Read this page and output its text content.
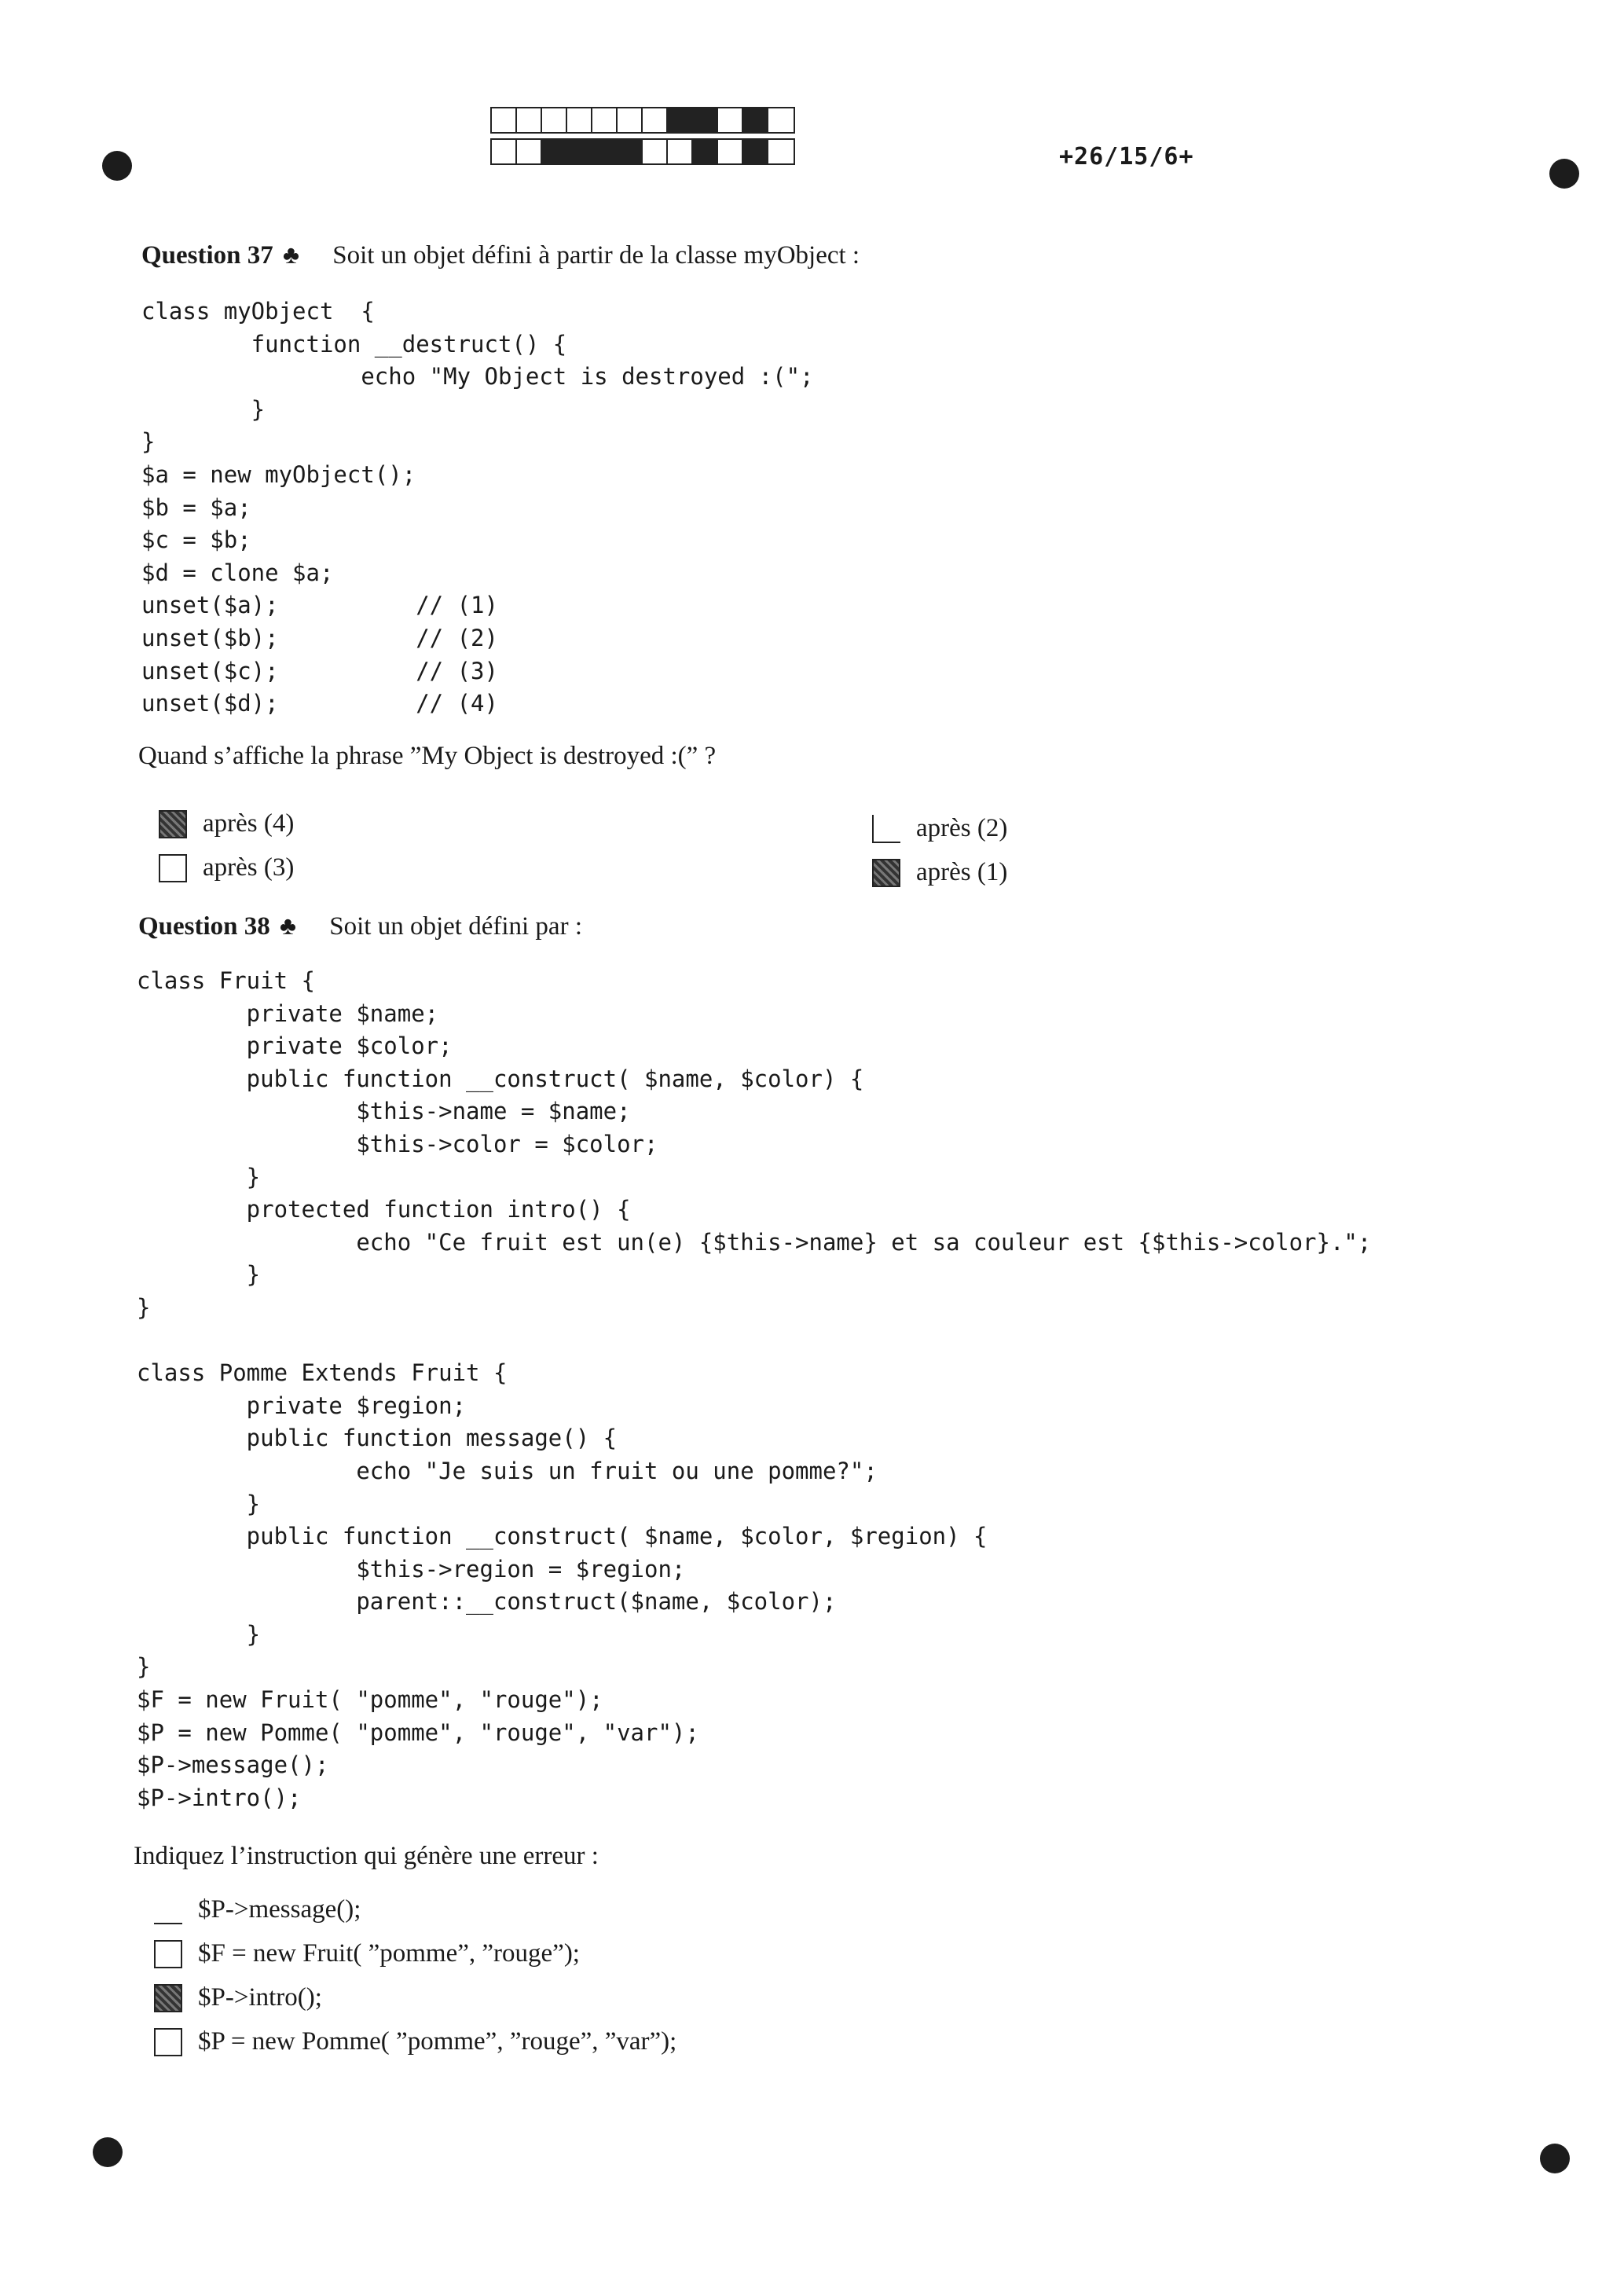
+26/15/6+
Question 37 ♣ Soit un objet défini à partir de la classe myObject :
class myObject  {
function __destruct() {
echo "My Object is destroyed :(";
}
}
$a = new myObject();
$b = $a;
$c = $b;
$d = clone $a;
unset($a);          // (1)
unset($b);          // (2)
unset($c);          // (3)
unset($d);          // (4)
Quand s’affiche la phrase ”My Object is destroyed :(” ?
après (4)
après (3)
après (2)
après (1)
Question 38 ♣ Soit un objet défini par :
class Fruit {
private $name;
private $color;
public function __construct( $name, $color) {
$this->name = $name;
$this->color = $color;
}
protected function intro() {
echo "Ce fruit est un(e) {$this->name} et sa couleur est {$this->color}.";
}
}

class Pomme Extends Fruit {
private $region;
public function message() {
echo "Je suis un fruit ou une pomme?";
}
public function __construct( $name, $color, $region) {
$this->region = $region;
parent::__construct($name, $color);
}
}
$F = new Fruit( "pomme", "rouge");
$P = new Pomme( "pomme", "rouge", "var");
$P->message();
$P->intro();
Indiquez l’instruction qui génère une erreur :
$P->message();
$F = new Fruit( ”pomme”, ”rouge”);
$P->intro();
$P = new Pomme( ”pomme”, ”rouge”, ”var”);
